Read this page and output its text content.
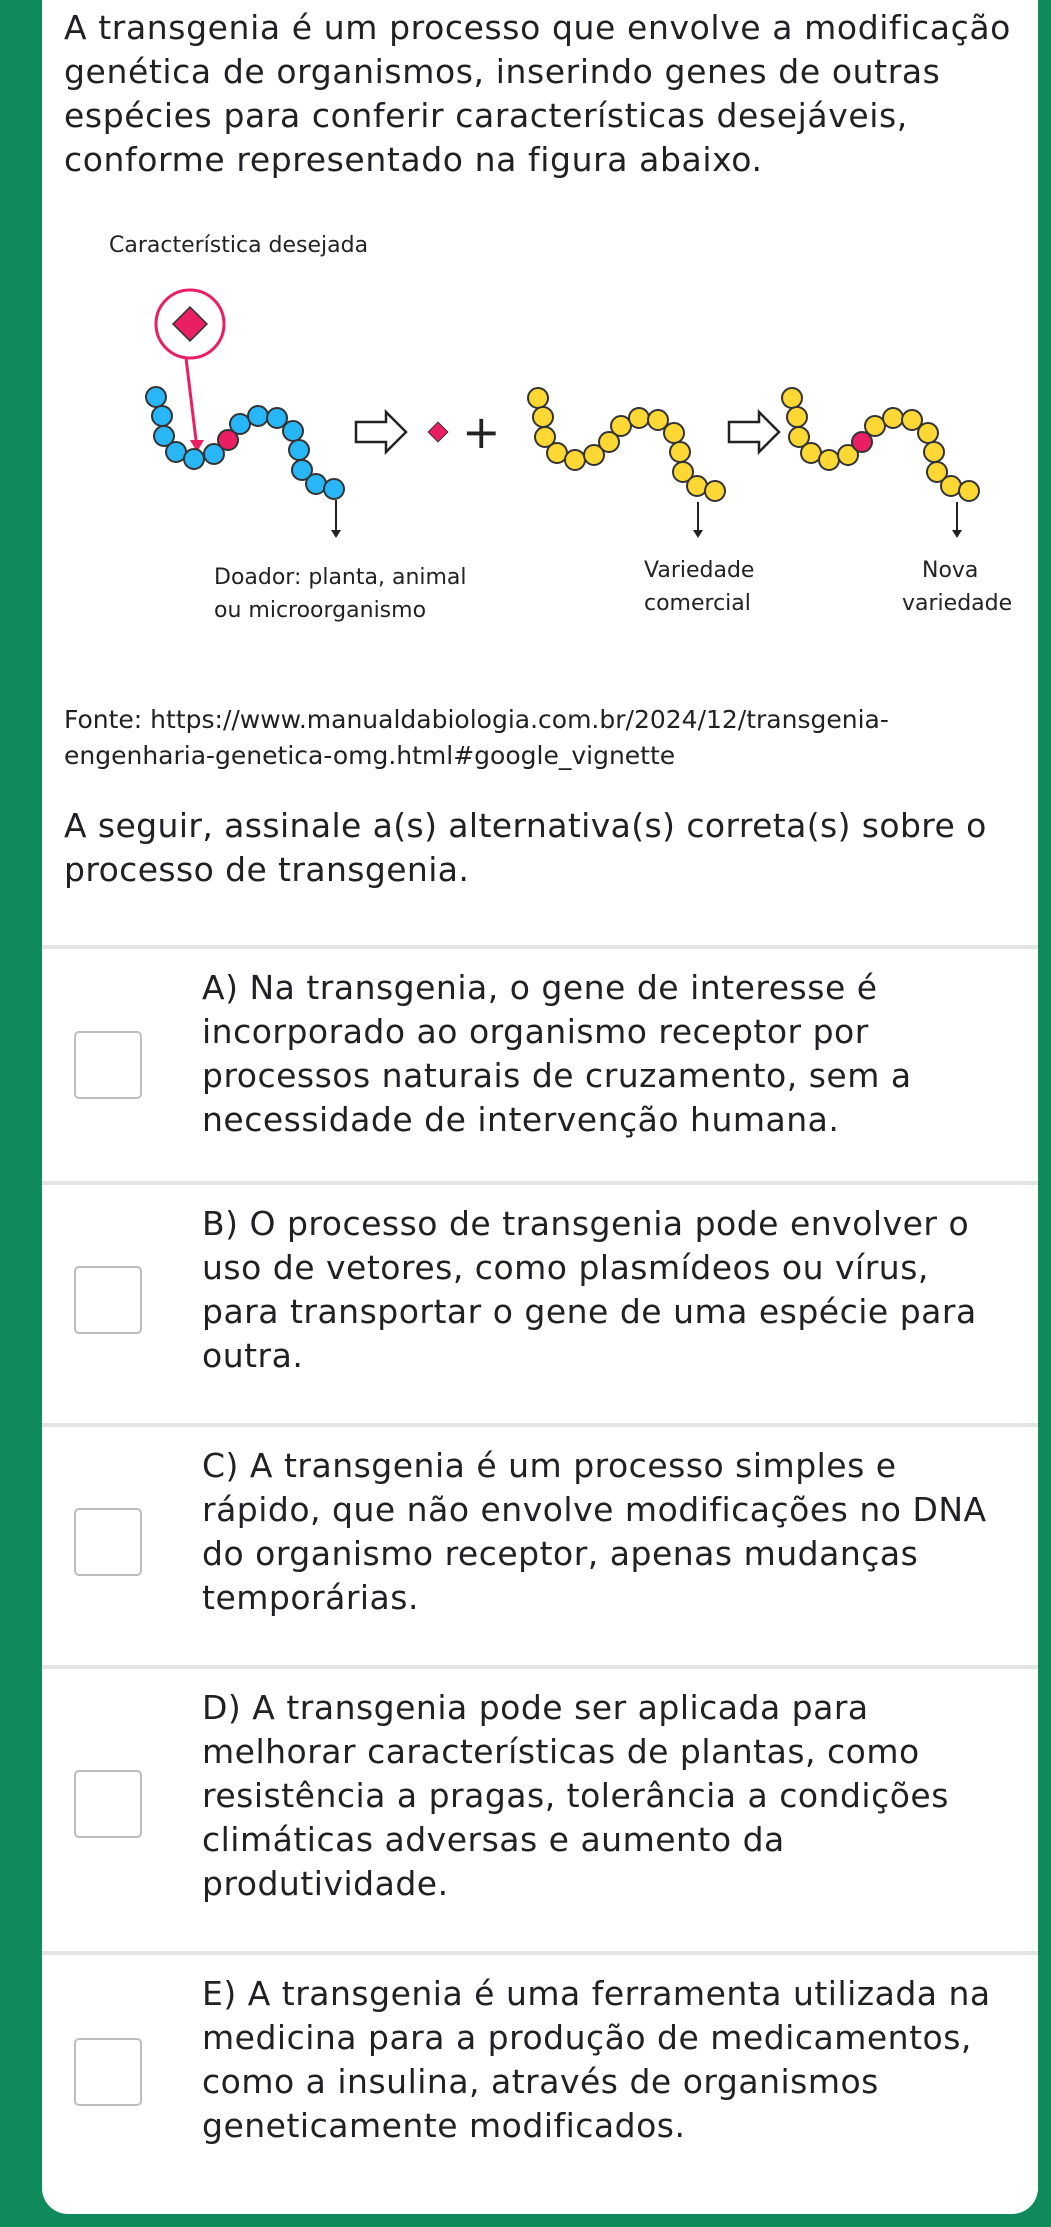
A transgenia é um processo que envolve a modificação genética de organismos, inserindo genes de outras espécies para conferir características desejáveis, conforme representado na figura abaixo.

Característica desejada
+
Doador: planta, animal
ou microorganismo
Variedade
comercial
Nova
variedade

Fonte: https://www.manualdabiologia.com.br/2024/12/transgenia-engenharia-genetica-omg.html#google_vignette

A seguir, assinale a(s) alternativa(s) correta(s) sobre o processo de transgenia.

A) Na transgenia, o gene de interesse é incorporado ao organismo receptor por processos naturais de cruzamento, sem a necessidade de intervenção humana.
B) O processo de transgenia pode envolver o uso de vetores, como plasmídeos ou vírus, para transportar o gene de uma espécie para outra.
C) A transgenia é um processo simples e rápido, que não envolve modificações no DNA do organismo receptor, apenas mudanças temporárias.
D) A transgenia pode ser aplicada para melhorar características de plantas, como resistência a pragas, tolerância a condições climáticas adversas e aumento da produtividade.
E) A transgenia é uma ferramenta utilizada na medicina para a produção de medicamentos, como a insulina, através de organismos geneticamente modificados.
